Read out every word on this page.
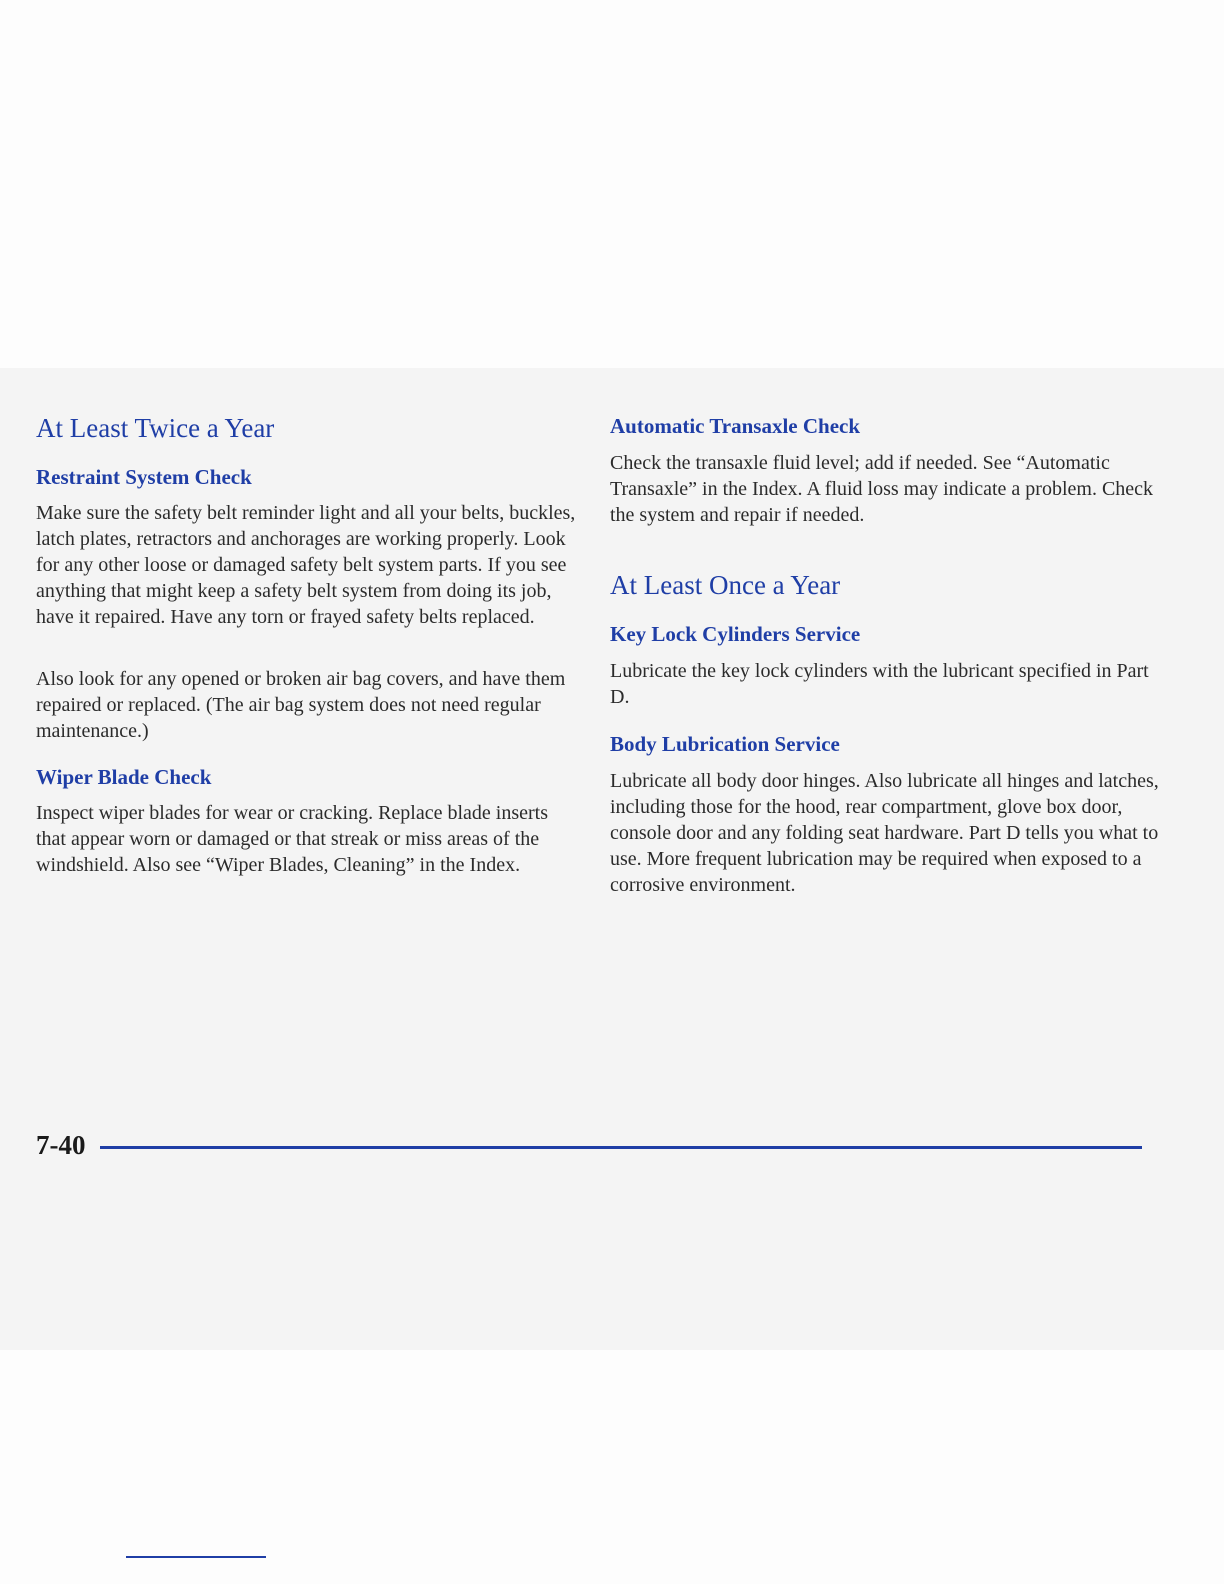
At Least Twice a Year
Restraint System Check

Make sure the safety belt reminder light and all your belts, buckles, latch plates, retractors and anchorages are working properly. Look for any other loose or damaged safety belt system parts. If you see anything that might keep a safety belt system from doing its job, have it repaired. Have any torn or frayed safety belts replaced.

Also look for any opened or broken air bag covers, and have them repaired or replaced. (The air bag system does not need regular maintenance.)

Wiper Blade Check

Inspect wiper blades for wear or cracking. Replace blade inserts that appear worn or damaged or that streak or miss areas of the windshield. Also see “Wiper Blades, Cleaning” in the Index.

Automatic Transaxle Check

Check the transaxle fluid level; add if needed. See “Automatic Transaxle” in the Index. A fluid loss may indicate a problem. Check the system and repair if needed.

At Least Once a Year
Key Lock Cylinders Service

Lubricate the key lock cylinders with the lubricant specified in Part D.

Body Lubrication Service

Lubricate all body door hinges. Also lubricate all hinges and latches, including those for the hood, rear compartment, glove box door, console door and any folding seat hardware. Part D tells you what to use. More frequent lubrication may be required when exposed to a corrosive environment.

7-40
